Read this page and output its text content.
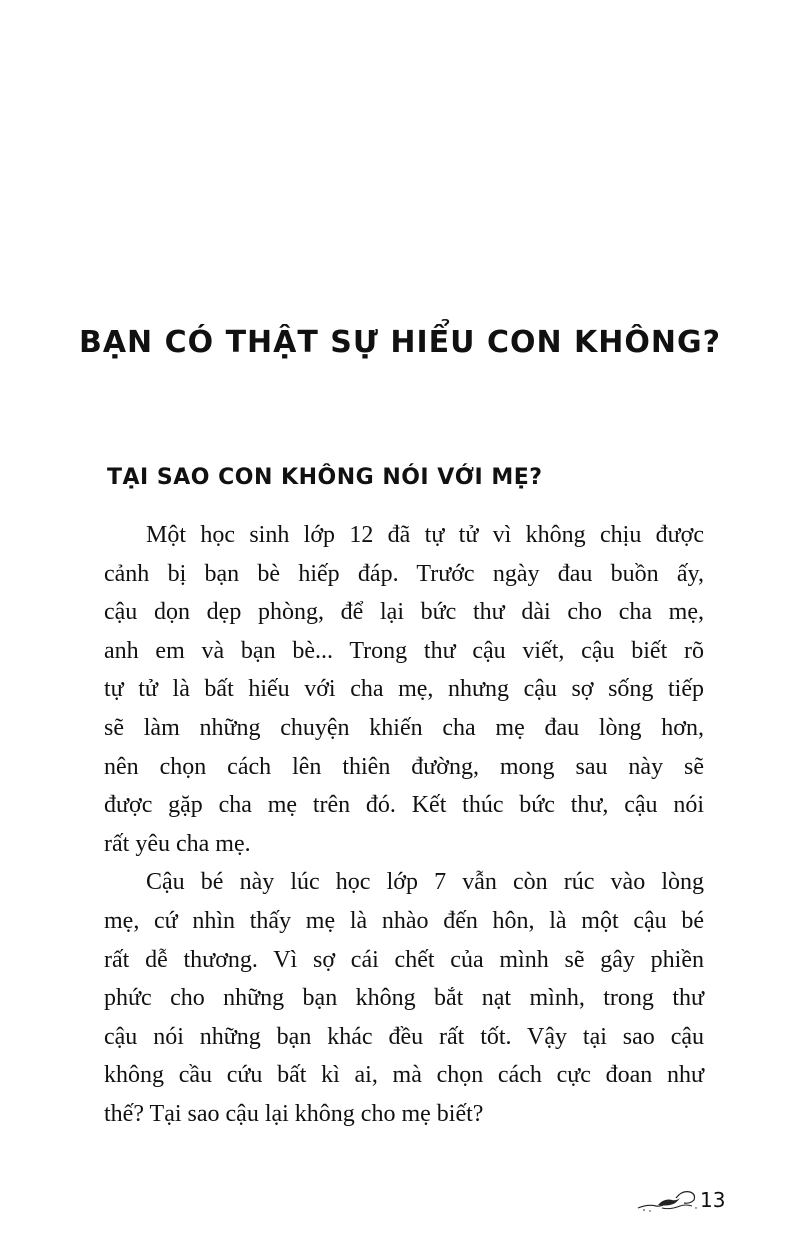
BẠN CÓ THẬT SỰ HIỂU CON KHÔNG?
TẠI SAO CON KHÔNG NÓI VỚI MẸ?
Một học sinh lớp 12 đã tự tử vì không chịu được
cảnh bị bạn bè hiếp đáp. Trước ngày đau buồn ấy,
cậu dọn dẹp phòng, để lại bức thư dài cho cha mẹ,
anh em và bạn bè... Trong thư cậu viết, cậu biết rõ
tự tử là bất hiếu với cha mẹ, nhưng cậu sợ sống tiếp
sẽ làm những chuyện khiến cha mẹ đau lòng hơn,
nên chọn cách lên thiên đường, mong sau này sẽ
được gặp cha mẹ trên đó. Kết thúc bức thư, cậu nói
rất yêu cha mẹ.
Cậu bé này lúc học lớp 7 vẫn còn rúc vào lòng
mẹ, cứ nhìn thấy mẹ là nhào đến hôn, là một cậu bé
rất dễ thương. Vì sợ cái chết của mình sẽ gây phiền
phức cho những bạn không bắt nạt mình, trong thư
cậu nói những bạn khác đều rất tốt. Vậy tại sao cậu
không cầu cứu bất kì ai, mà chọn cách cực đoan như
thế? Tại sao cậu lại không cho mẹ biết?
13
